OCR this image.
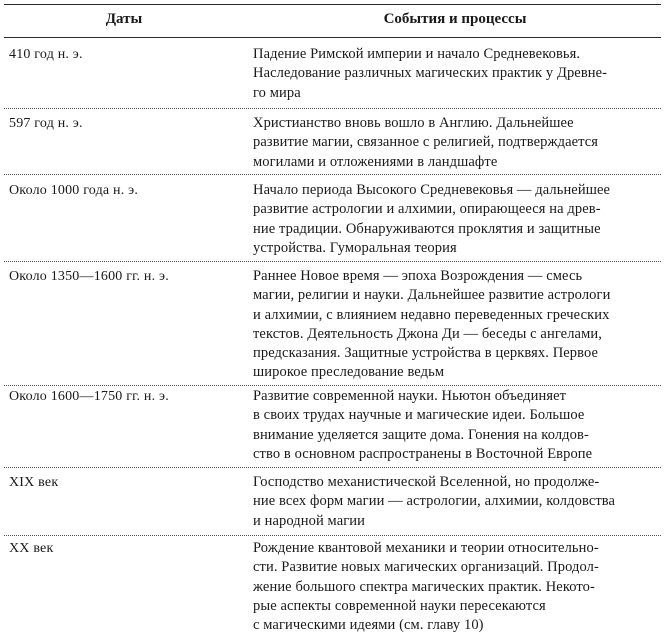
Даты	События и процессы
410 год н. э.	Падение Римской империи и начало Средневековья.
Наследование различных магических практик у Древне-
го мира
597 год н. э.	Христианство вновь вошло в Англию. Дальнейшее
развитие магии, связанное с религией, подтверждается
могилами и отложениями в ландшафте
Около 1000 года н. э.	Начало периода Высокого Средневековья — дальнейшее
развитие астрологии и алхимии, опирающееся на древ-
ние традиции. Обнаруживаются проклятия и защитные
устройства. Гуморальная теория
Около 1350—1600 гг. н. э.	Раннее Новое время — эпоха Возрождения — смесь
магии, религии и науки. Дальнейшее развитие астрологи
и алхимии, с влиянием недавно переведенных греческих
текстов. Деятельность Джона Ди — беседы с ангелами,
предсказания. Защитные устройства в церквях. Первое
широкое преследование ведьм
Около 1600—1750 гг. н. э.	Развитие современной науки. Ньютон объединяет
в своих трудах научные и магические идеи. Большое
внимание уделяется защите дома. Гонения на колдов-
ство в основном распространены в Восточной Европе
XIX век	Господство механистической Вселенной, но продолже-
ние всех форм магии — астрологии, алхимии, колдовства
и народной магии
XX век	Рождение квантовой механики и теории относительно-
сти. Развитие новых магических организаций. Продол-
жение большого спектра магических практик. Некото-
рые аспекты современной науки пересекаются
с магическими идеями (см. главу 10)
